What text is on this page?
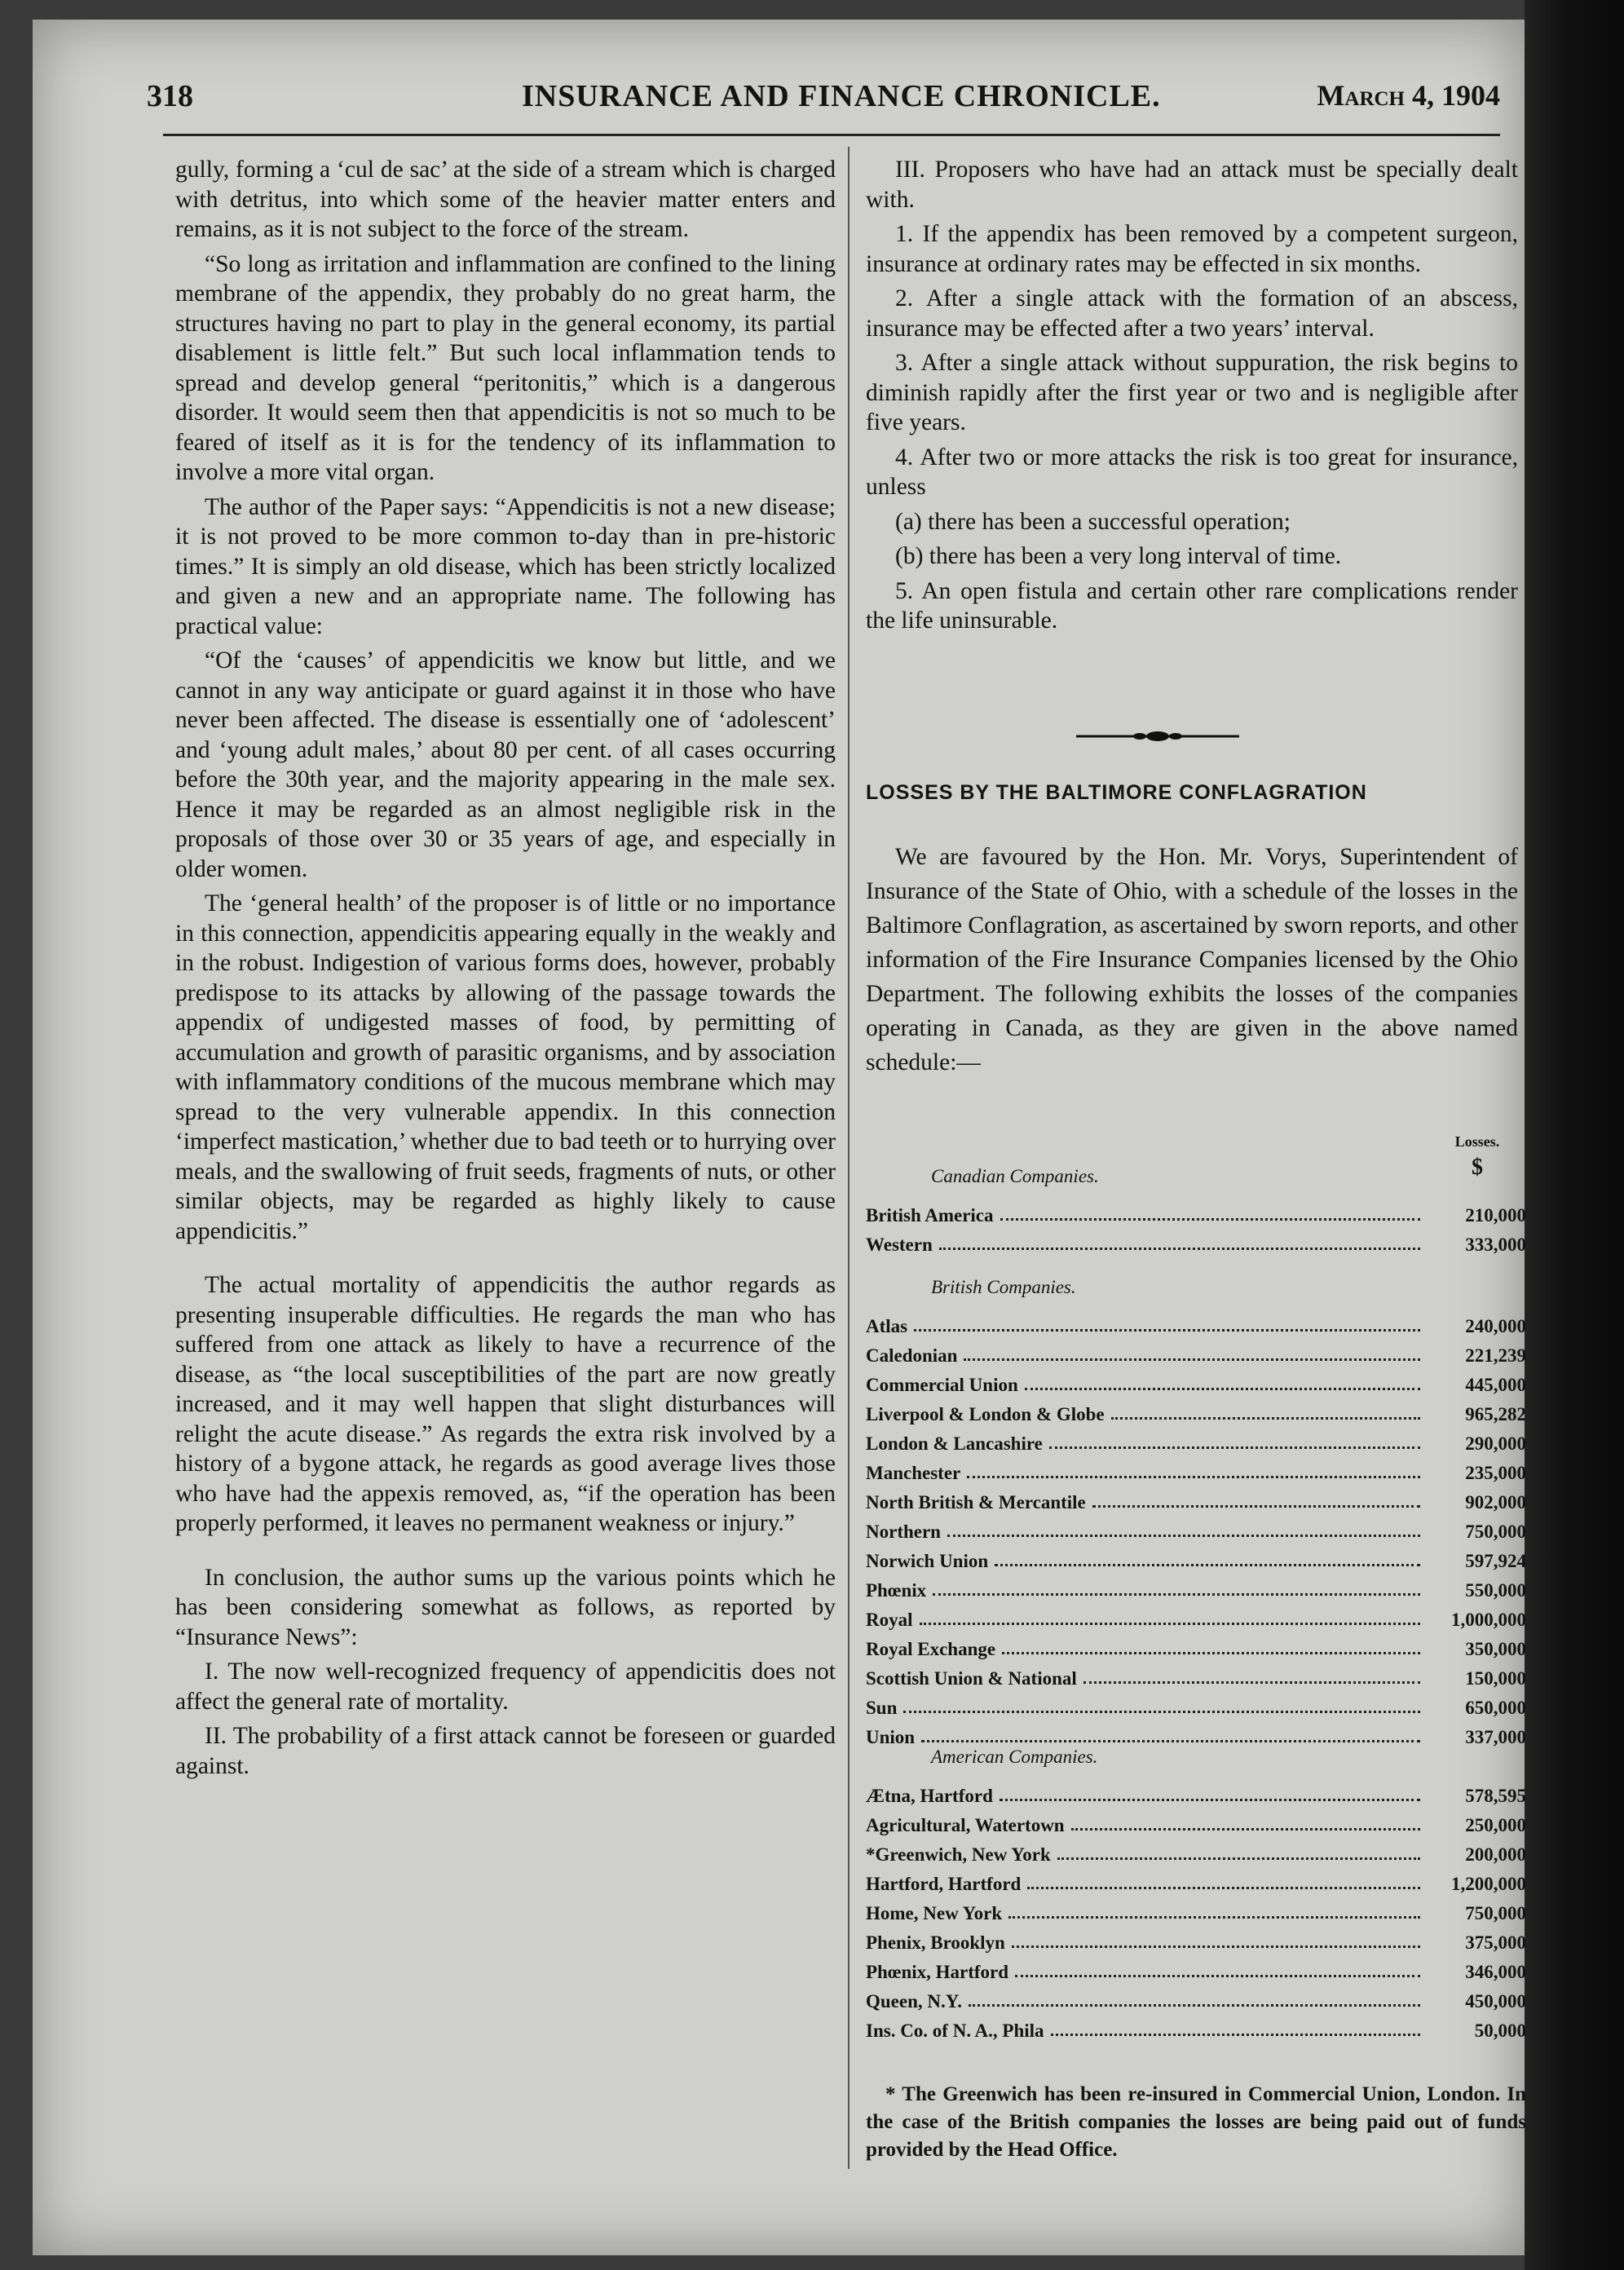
318	INSURANCE AND FINANCE CHRONICLE.	March 4, 1904

gully, forming a ‘cul de sac’ at the side of a stream which is charged with detritus, into which some of the heavier matter enters and remains, as it is not subject to the force of the stream.

“So long as irritation and inflammation are confined to the lining membrane of the appendix, they probably do no great harm, the structures having no part to play in the general economy, its partial disablement is little felt.” But such local inflammation tends to spread and develop general “peritonitis,” which is a dangerous disorder. It would seem then that appendicitis is not so much to be feared of itself as it is for the tendency of its inflammation to involve a more vital organ.

The author of the Paper says: “Appendicitis is not a new disease; it is not proved to be more common to-day than in pre-historic times.” It is simply an old disease, which has been strictly localized and given a new and an appropriate name. The following has practical value:

“Of the ‘causes’ of appendicitis we know but little, and we cannot in any way anticipate or guard against it in those who have never been affected. The disease is essentially one of ‘adolescent’ and ‘young adult males,’ about 80 per cent. of all cases occurring before the 30th year, and the majority appearing in the male sex. Hence it may be regarded as an almost negligible risk in the proposals of those over 30 or 35 years of age, and especially in older women.

The ‘general health’ of the proposer is of little or no importance in this connection, appendicitis appearing equally in the weakly and in the robust. Indigestion of various forms does, however, probably predispose to its attacks by allowing of the passage towards the appendix of undigested masses of food, by permitting of accumulation and growth of parasitic organisms, and by association with inflammatory conditions of the mucous membrane which may spread to the very vulnerable appendix. In this connection ‘imperfect mastication,’ whether due to bad teeth or to hurrying over meals, and the swallowing of fruit seeds, fragments of nuts, or other similar objects, may be regarded as highly likely to cause appendicitis.”

The actual mortality of appendicitis the author regards as presenting insuperable difficulties. He regards the man who has suffered from one attack as likely to have a recurrence of the disease, as “the local susceptibilities of the part are now greatly increased, and it may well happen that slight disturbances will relight the acute disease.” As regards the extra risk involved by a history of a bygone attack, he regards as good average lives those who have had the appexis removed, as, “if the operation has been properly performed, it leaves no permanent weakness or injury.”

In conclusion, the author sums up the various points which he has been considering somewhat as follows, as reported by “Insurance News”:

I. The now well-recognized frequency of appendicitis does not affect the general rate of mortality.

II. The probability of a first attack cannot be foreseen or guarded against.

III. Proposers who have had an attack must be specially dealt with.

1. If the appendix has been removed by a competent surgeon, insurance at ordinary rates may be effected in six months.

2. After a single attack with the formation of an abscess, insurance may be effected after a two years’ interval.

3. After a single attack without suppuration, the risk begins to diminish rapidly after the first year or two and is negligible after five years.

4. After two or more attacks the risk is too great for insurance, unless

(a) there has been a successful operation;

(b) there has been a very long interval of time.

5. An open fistula and certain other rare complications render the life uninsurable.

LOSSES BY THE BALTIMORE CONFLAGRATION

We are favoured by the Hon. Mr. Vorys, Superintendent of Insurance of the State of Ohio, with a schedule of the losses in the Baltimore Conflagration, as ascertained by sworn reports, and other information of the Fire Insurance Companies licensed by the Ohio Department. The following exhibits the losses of the companies operating in Canada, as they are given in the above named schedule:—

Losses.
$
Canadian Companies.
British America	210,000
Western	333,000
British Companies.
Atlas	240,000
Caledonian	221,239
Commercial Union	445,000
Liverpool & London & Globe	965,282
London & Lancashire	290,000
Manchester	235,000
North British & Mercantile	902,000
Northern	750,000
Norwich Union	597,924
Phœnix	550,000
Royal	1,000,000
Royal Exchange	350,000
Scottish Union & National	150,000
Sun	650,000
Union	337,000
American Companies.
Ætna, Hartford	578,595
Agricultural, Watertown	250,000
*Greenwich, New York	200,000
Hartford, Hartford	1,200,000
Home, New York	750,000
Phenix, Brooklyn	375,000
Phœnix, Hartford	346,000
Queen, N.Y.	450,000
Ins. Co. of N. A., Phila	50,000

* The Greenwich has been re-insured in Commercial Union, London. In the case of the British companies the losses are being paid out of funds provided by the Head Office.
